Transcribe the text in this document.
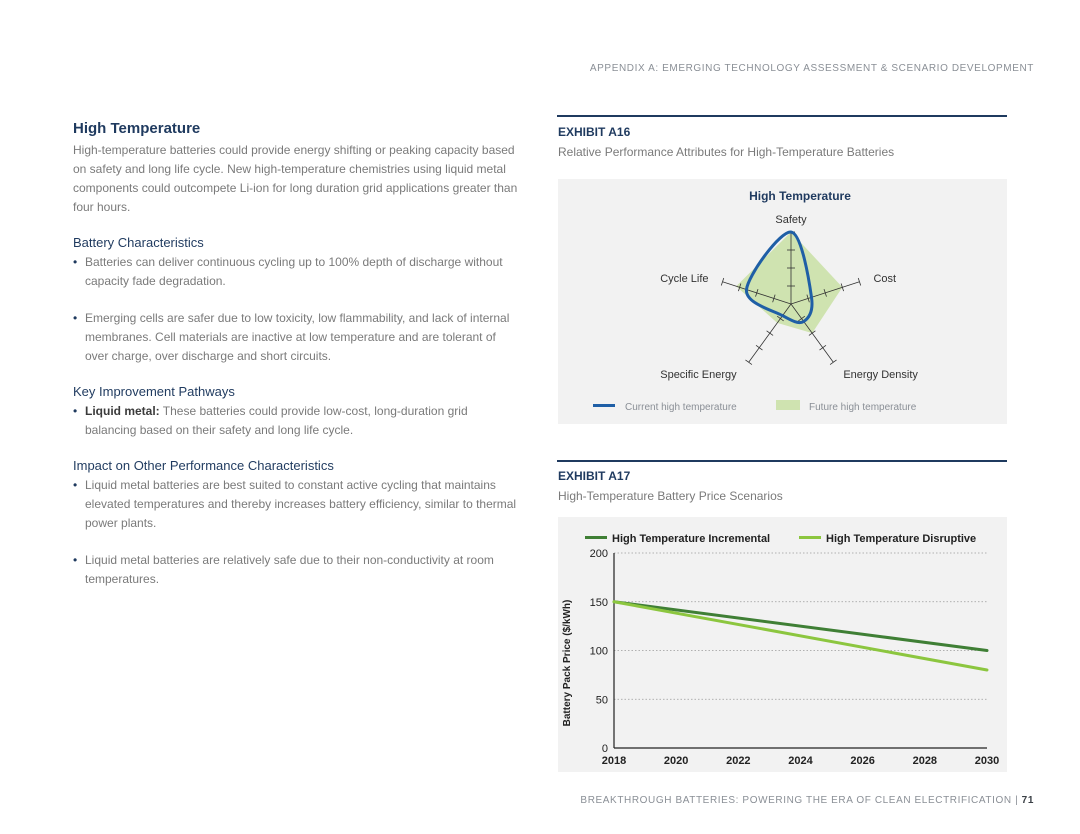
APPENDIX A: EMERGING TECHNOLOGY ASSESSMENT & SCENARIO DEVELOPMENT
High Temperature

High-temperature batteries could provide energy shifting or peaking capacity based on safety and long life cycle. New high-temperature chemistries using liquid metal components could outcompete Li-ion for long duration grid applications greater than four hours.

Battery Characteristics
• Batteries can deliver continuous cycling up to 100% depth of discharge without capacity fade degradation.
• Emerging cells are safer due to low toxicity, low flammability, and lack of internal membranes. Cell materials are inactive at low temperature and are tolerant of over charge, over discharge and short circuits.
Key Improvement Pathways
• Liquid metal: These batteries could provide low-cost, long-duration grid balancing based on their safety and long life cycle.
Impact on Other Performance Characteristics
• Liquid metal batteries are best suited to constant active cycling that maintains elevated temperatures and thereby increases battery efficiency, similar to thermal power plants.
• Liquid metal batteries are relatively safe due to their non-conductivity at room temperatures.
EXHIBIT A16
Relative Performance Attributes for High-Temperature Batteries
High Temperature
Safety
Cost
Energy Density
Specific Energy
Cycle Life
Current high temperature	Future high temperature
EXHIBIT A17
High-Temperature Battery Price Scenarios
High Temperature Incremental	High Temperature Disruptive
Battery Pack Price ($/kWh)
0
50
100
150
200
2018	2020	2022	2024	2026	2028	2030
BREAKTHROUGH BATTERIES: POWERING THE ERA OF CLEAN ELECTRIFICATION | 71
